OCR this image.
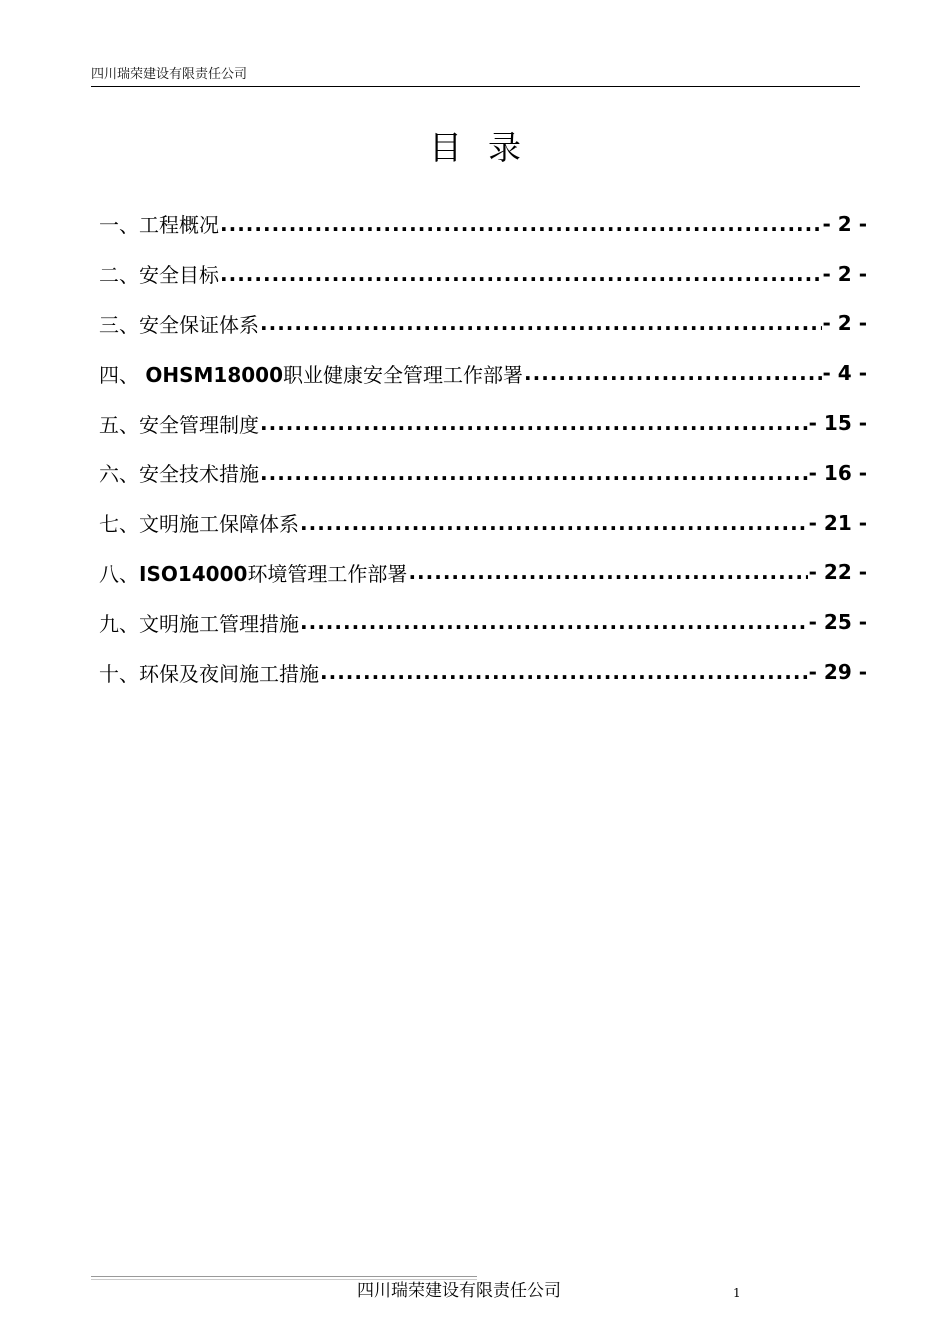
四川瑞荣建设有限责任公司
目录
一、 工程概况 .....	- 2 -
二、 安全目标 .....	- 2 -
三、 安全保证体系 .....	- 2 -
四、 OHSM18000职业健康安全管理工作部署 .....	- 4 -
五、 安全管理制度 .....	- 15 -
六、 安全技术措施 .....	- 16 -
七、 文明施工保障体系 .....	- 21 -
八、 ISO14000环境管理工作部署 .....	- 22 -
九、 文明施工管理措施 .....	- 25 -
十、 环保及夜间施工措施 .....	- 29 -
四川瑞荣建设有限责任公司	1
